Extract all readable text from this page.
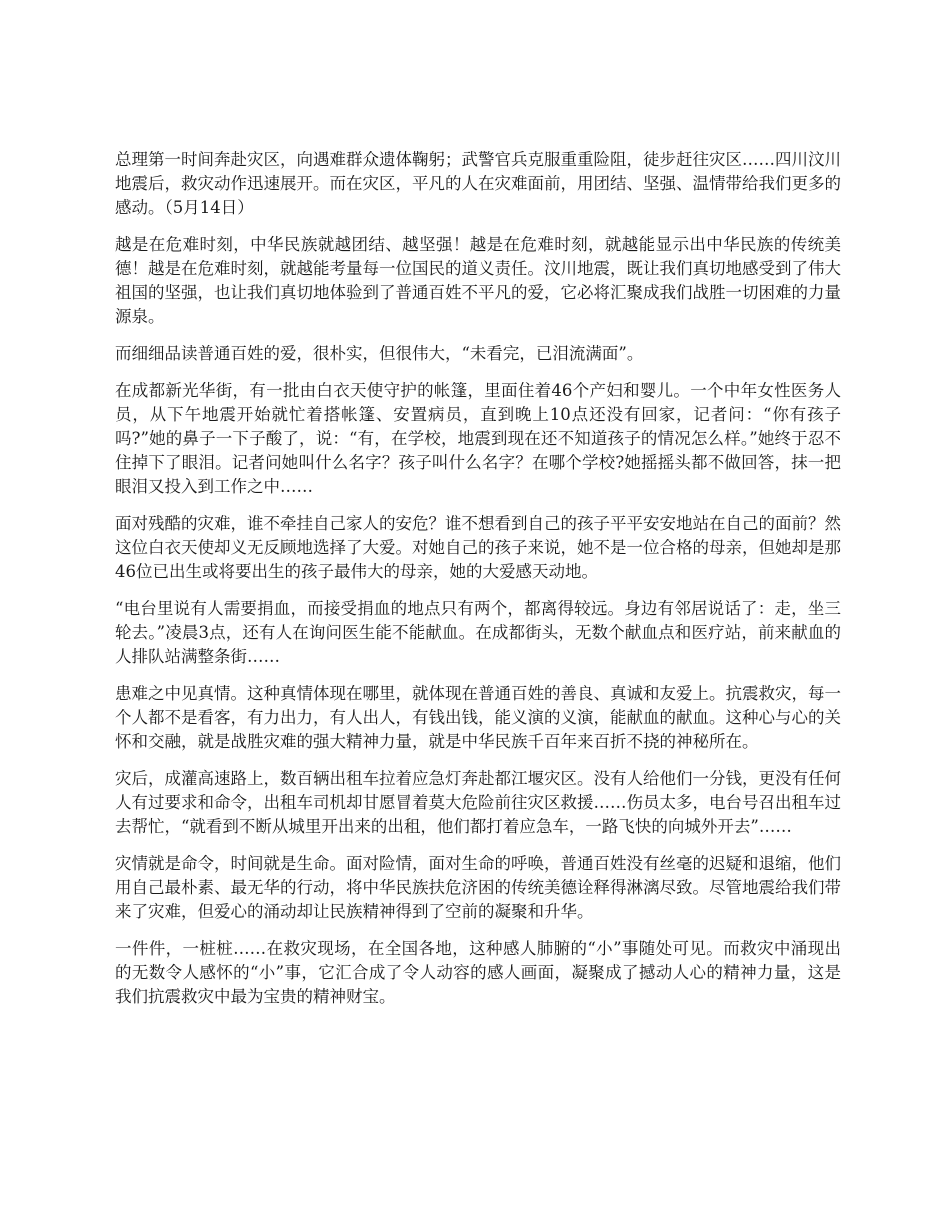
总理第一时间奔赴灾区，向遇难群众遗体鞠躬；武警官兵克服重重险阻，徒步赶往灾区……四川汶川地震后，救灾动作迅速展开。而在灾区，平凡的人在灾难面前，用团结、坚强、温情带给我们更多的感动。（5月14日）

越是在危难时刻，中华民族就越团结、越坚强！越是在危难时刻，就越能显示出中华民族的传统美德！越是在危难时刻，就越能考量每一位国民的道义责任。汶川地震，既让我们真切地感受到了伟大祖国的坚强，也让我们真切地体验到了普通百姓不平凡的爱，它必将汇聚成我们战胜一切困难的力量源泉。

而细细品读普通百姓的爱，很朴实，但很伟大，“未看完，已泪流满面”。

在成都新光华街，有一批由白衣天使守护的帐篷，里面住着46个产妇和婴儿。一个中年女性医务人员，从下午地震开始就忙着搭帐篷、安置病员，直到晚上10点还没有回家，记者问：“你有孩子吗?”她的鼻子一下子酸了，说：“有，在学校，地震到现在还不知道孩子的情况怎么样。”她终于忍不住掉下了眼泪。记者问她叫什么名字？孩子叫什么名字？在哪个学校?她摇摇头都不做回答，抹一把眼泪又投入到工作之中……

面对残酷的灾难，谁不牵挂自己家人的安危？谁不想看到自己的孩子平平安安地站在自己的面前？然这位白衣天使却义无反顾地选择了大爱。对她自己的孩子来说，她不是一位合格的母亲，但她却是那46位已出生或将要出生的孩子最伟大的母亲，她的大爱感天动地。

“电台里说有人需要捐血，而接受捐血的地点只有两个，都离得较远。身边有邻居说话了：走，坐三轮去。”凌晨3点，还有人在询问医生能不能献血。在成都街头，无数个献血点和医疗站，前来献血的人排队站满整条街……

患难之中见真情。这种真情体现在哪里，就体现在普通百姓的善良、真诚和友爱上。抗震救灾，每一个人都不是看客，有力出力，有人出人，有钱出钱，能义演的义演，能献血的献血。这种心与心的关怀和交融，就是战胜灾难的强大精神力量，就是中华民族千百年来百折不挠的神秘所在。

灾后，成灌高速路上，数百辆出租车拉着应急灯奔赴都江堰灾区。没有人给他们一分钱，更没有任何人有过要求和命令，出租车司机却甘愿冒着莫大危险前往灾区救援……伤员太多，电台号召出租车过去帮忙，“就看到不断从城里开出来的出租，他们都打着应急车，一路飞快的向城外开去”……

灾情就是命令，时间就是生命。面对险情，面对生命的呼唤，普通百姓没有丝毫的迟疑和退缩，他们用自己最朴素、最无华的行动，将中华民族扶危济困的传统美德诠释得淋漓尽致。尽管地震给我们带来了灾难，但爱心的涌动却让民族精神得到了空前的凝聚和升华。

一件件，一桩桩……在救灾现场，在全国各地，这种感人肺腑的“小”事随处可见。而救灾中涌现出的无数令人感怀的“小”事，它汇合成了令人动容的感人画面，凝聚成了撼动人心的精神力量，这是我们抗震救灾中最为宝贵的精神财宝。
